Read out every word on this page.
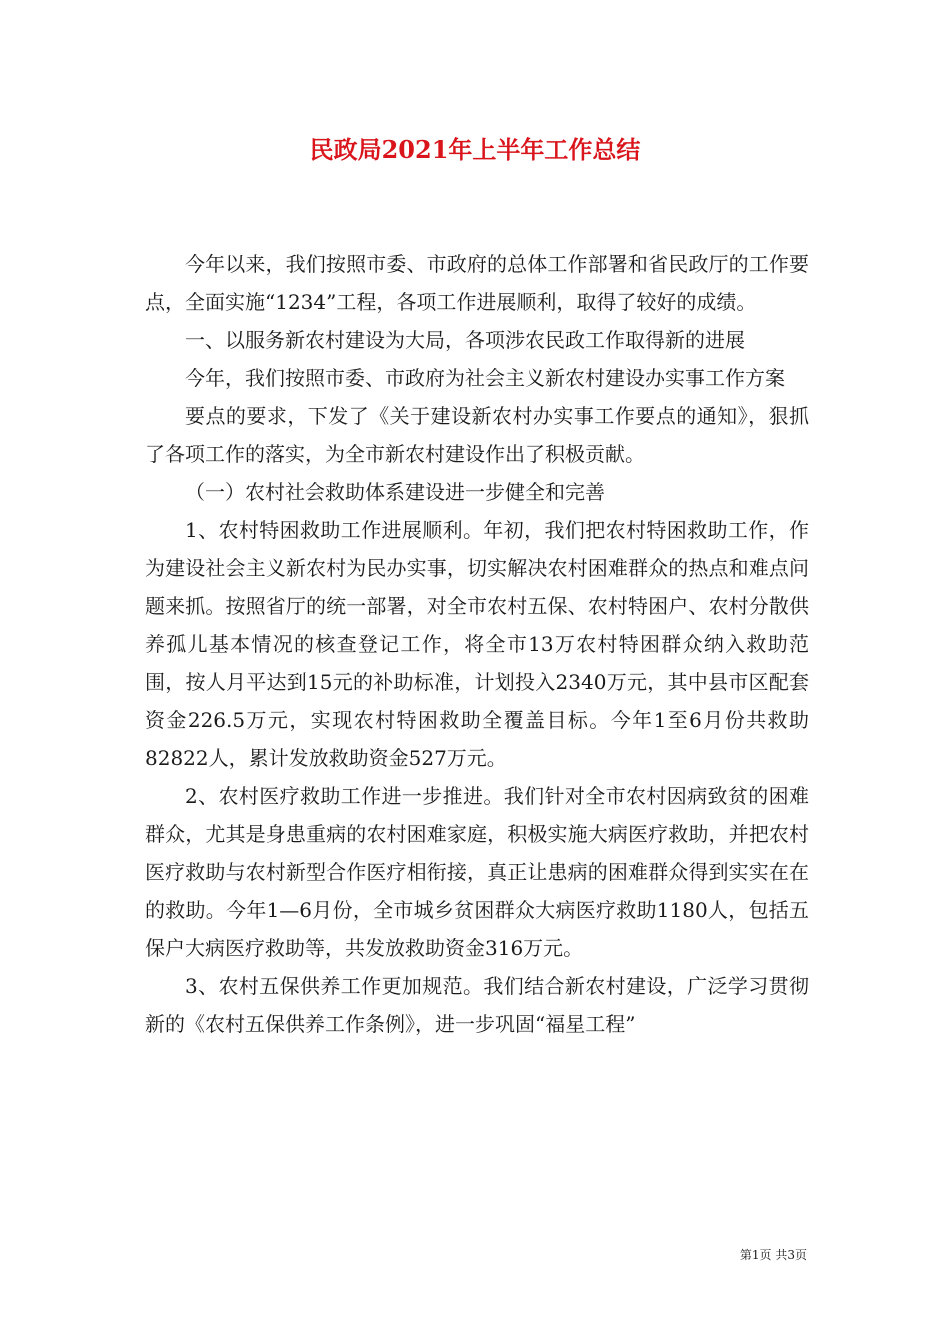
民政局2021年上半年工作总结

今年以来，我们按照市委、市政府的总体工作部署和省民政厅的工作要点，全面实施“1234”工程，各项工作进展顺利，取得了较好的成绩。

一、以服务新农村建设为大局，各项涉农民政工作取得新的进展

今年，我们按照市委、市政府为社会主义新农村建设办实事工作方案

要点的要求，下发了《关于建设新农村办实事工作要点的通知》，狠抓了各项工作的落实，为全市新农村建设作出了积极贡献。

（一）农村社会救助体系建设进一步健全和完善

1、农村特困救助工作进展顺利。年初，我们把农村特困救助工作，作为建设社会主义新农村为民办实事，切实解决农村困难群众的热点和难点问题来抓。按照省厅的统一部署，对全市农村五保、农村特困户、农村分散供养孤儿基本情况的核查登记工作，将全市13万农村特困群众纳入救助范围，按人月平达到15元的补助标准，计划投入2340万元，其中县市区配套资金226.5万元，实现农村特困救助全覆盖目标。今年1至6月份共救助82822人，累计发放救助资金527万元。

2、农村医疗救助工作进一步推进。我们针对全市农村因病致贫的困难群众，尤其是身患重病的农村困难家庭，积极实施大病医疗救助，并把农村医疗救助与农村新型合作医疗相衔接，真正让患病的困难群众得到实实在在的救助。今年1—6月份，全市城乡贫困群众大病医疗救助1180人，包括五保户大病医疗救助等，共发放救助资金316万元。

3、农村五保供养工作更加规范。我们结合新农村建设，广泛学习贯彻新的《农村五保供养工作条例》，进一步巩固“福星工程”

第1页 共3页
